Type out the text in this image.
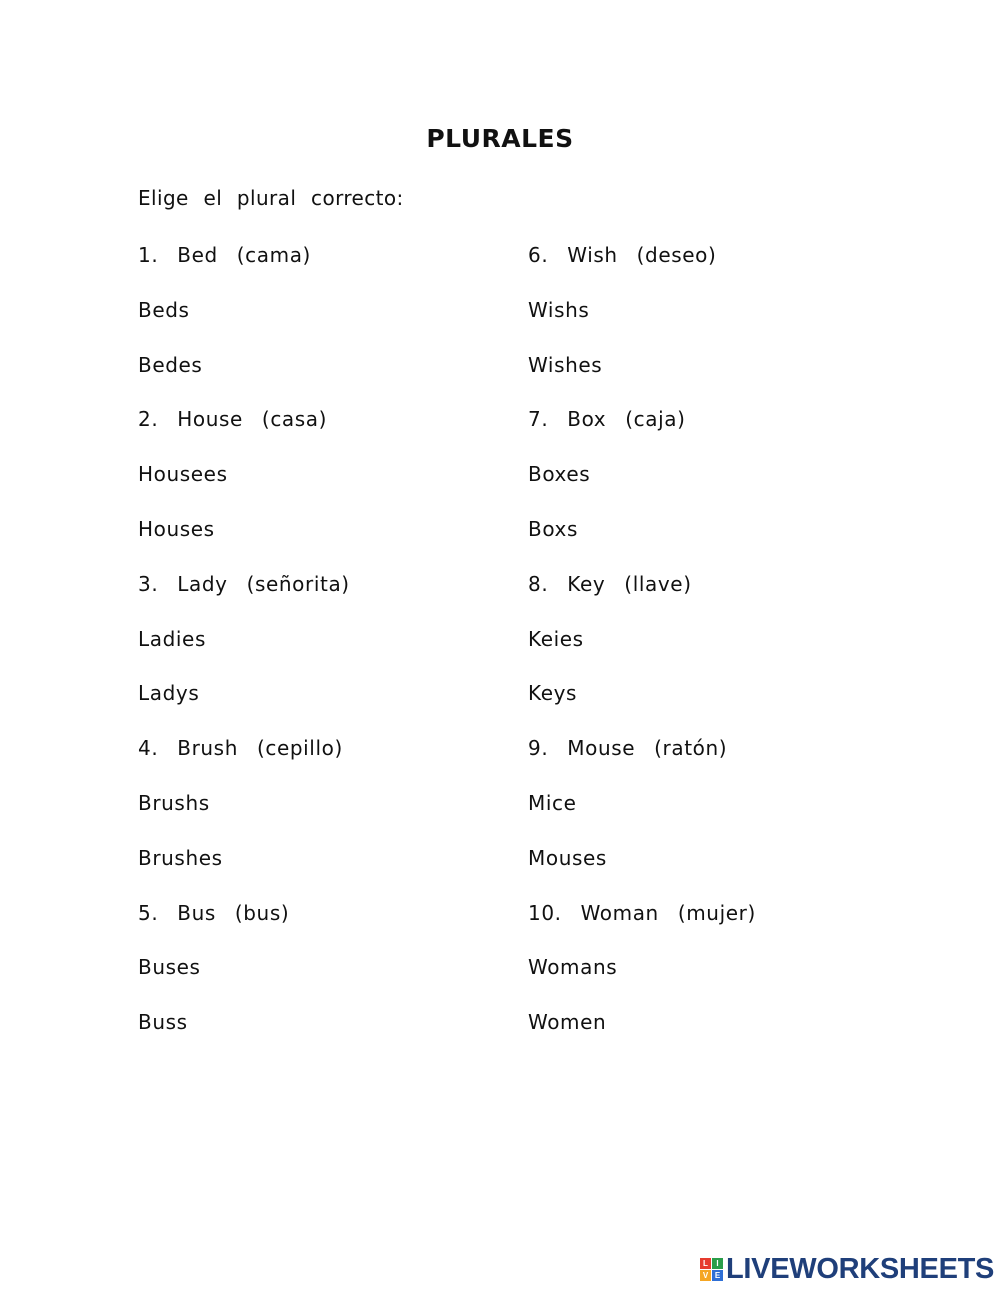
PLURALES
Elige el plural correcto:
1. Bed (cama)
Beds
Bedes
2. House (casa)
Housees
Houses
3. Lady (señorita)
Ladies
Ladys
4. Brush (cepillo)
Brushs
Brushes
5. Bus (bus)
Buses
Buss
6. Wish (deseo)
Wishs
Wishes
7. Box (caja)
Boxes
Boxs
8. Key (llave)
Keies
Keys
9. Mouse (ratón)
Mice
Mouses
10. Woman (mujer)
Womans
Women
L	I
V E LIVEWORKSHEETS
